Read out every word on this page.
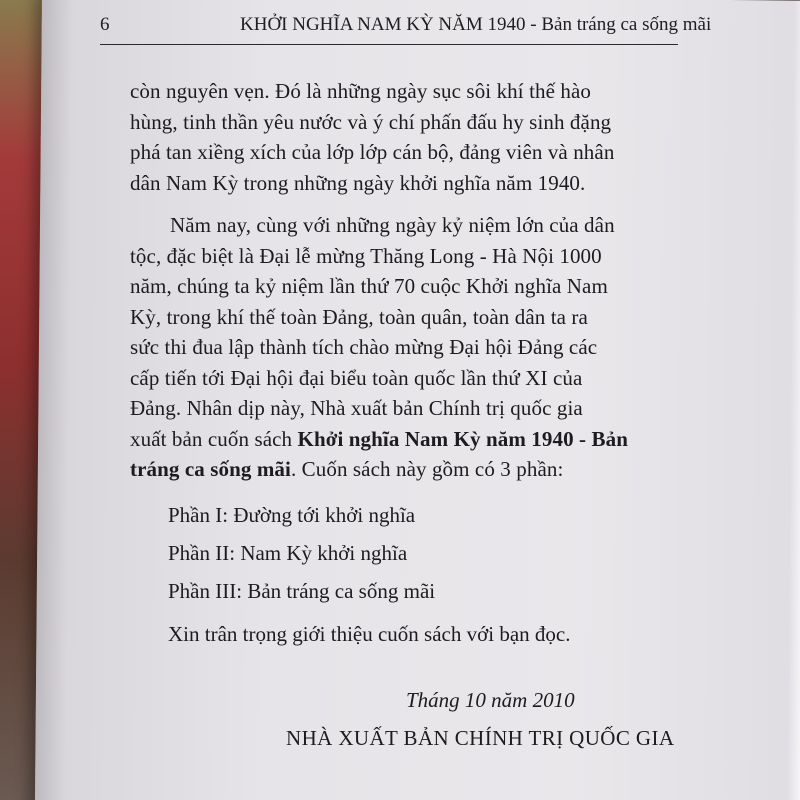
6	KHỞI NGHĨA NAM KỲ NĂM 1940 - Bản tráng ca sống mãi
còn nguyên vẹn. Đó là những ngày sục sôi khí thế hào
hùng, tinh thần yêu nước và ý chí phấn đấu hy sinh đặng
phá tan xiềng xích của lớp lớp cán bộ, đảng viên và nhân
dân Nam Kỳ trong những ngày khởi nghĩa năm 1940.
Năm nay, cùng với những ngày kỷ niệm lớn của dân
tộc, đặc biệt là Đại lễ mừng Thăng Long - Hà Nội 1000
năm, chúng ta kỷ niệm lần thứ 70 cuộc Khởi nghĩa Nam
Kỳ, trong khí thế toàn Đảng, toàn quân, toàn dân ta ra
sức thi đua lập thành tích chào mừng Đại hội Đảng các
cấp tiến tới Đại hội đại biểu toàn quốc lần thứ XI của
Đảng. Nhân dịp này, Nhà xuất bản Chính trị quốc gia
xuất bản cuốn sách Khởi nghĩa Nam Kỳ năm 1940 - Bản
tráng ca sống mãi. Cuốn sách này gồm có 3 phần:
Phần I: Đường tới khởi nghĩa
Phần II: Nam Kỳ khởi nghĩa
Phần III: Bản tráng ca sống mãi
Xin trân trọng giới thiệu cuốn sách với bạn đọc.
Tháng 10 năm 2010
NHÀ XUẤT BẢN CHÍNH TRỊ QUỐC GIA
